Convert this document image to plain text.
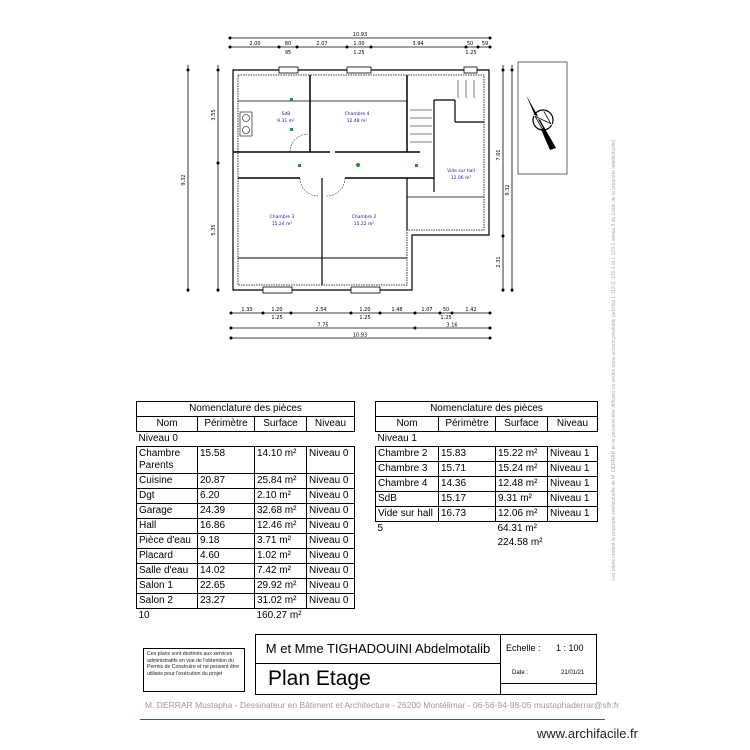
10.93
2.00	80	2.07	1.00	3.94	50 59
95	1.25	1.25
1.33	1.20	2.54	1.20	1.48	1.07 50	1.42
1.25	1.25	1.25
7.75	3.16
10.93
9.32
3.55
5.35
7.01
9.32
2.31
SdB
9.31 m²
Chambre 4
12.48 m²
Vide sur hall
12.06 m²
Chambre 3
15.24 m²
Chambre 2
15.22 m²
Nomenclature des pièces			
Nom	Périmètre	Surface	Niveau
Niveau 0			
Chambre Parents	15.58	14.10 m²	Niveau 0
Cuisine	20.87	25.84 m²	Niveau 0
Dgt	6.20	2.10 m²	Niveau 0
Garage	24.39	32.68 m²	Niveau 0
Hall	16.86	12.46 m²	Niveau 0
Pièce d'eau	9.18	3.71 m²	Niveau 0
Placard	4.60	1.02 m²	Niveau 0
Salle d'eau	14.02	7.42 m²	Niveau 0
Salon 1	22.65	29.92 m²	Niveau 0
Salon 2	23.27	31.02 m²	Niveau 0
10		160.27 m²	
Nomenclature des pièces			
Nom	Périmètre	Surface	Niveau
Niveau 1			
Chambre 2	15.83	15.22 m²	Niveau 1
Chambre 3	15.71	15.24 m²	Niveau 1
Chambre 4	14.36	12.48 m²	Niveau 1
SdB	15.17	9.31 m²	Niveau 1
Vide sur hall	16.73	12.06 m²	Niveau 1
5		64.31 m²	
		224.58 m²	
Ces plans sont destinés aux services administratifs en vue de l'obtention du Permis de Construire et ne peuvent être utilisés pour l'exécution du projet
M et Mme TIGHADOUINI Abdelmotalib
Plan Etage
Echelle : 1 : 100
Date :	21/01/21
M. DERRAR Mustapha - Dessinateur en Bâtiment et Architecture - 26200 Montélimar - 06-56-94-98-05 mustaphaderrar@sfr.fr
www.archifacile.fr
Les plans restent la propriété intellectuelle de M. DERRAR et ne peuvent être diffusés ou cédés sans accord préalable (articles L 112-2, 121-1 et L 123-1 alinéa 3 du Code de la propriété intellectuelle)
